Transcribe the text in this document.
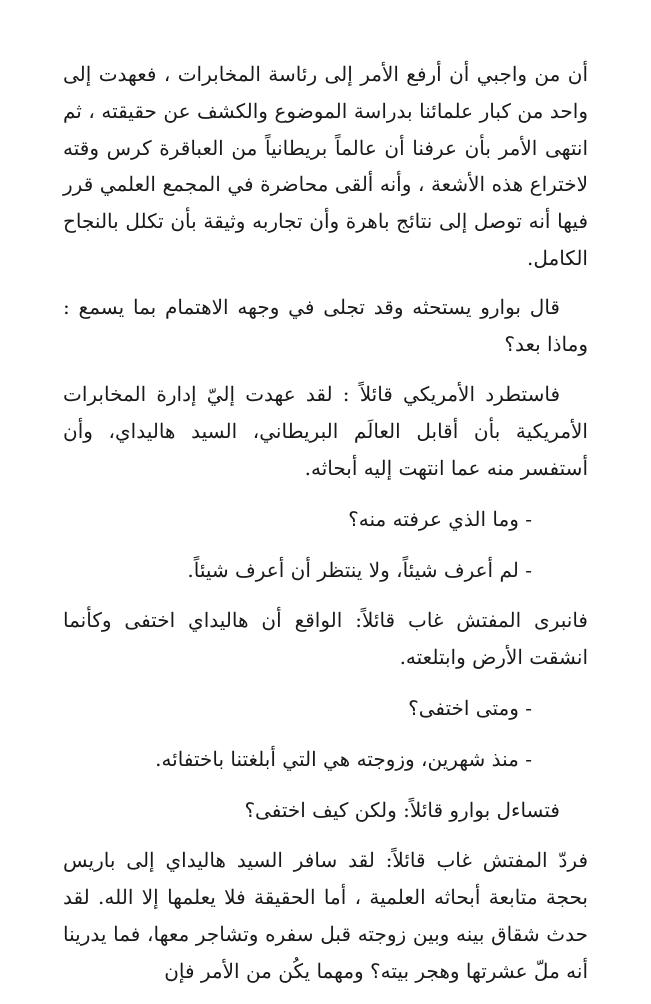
أن من واجبي أن أرفع الأمر إلى رئاسة المخابرات ، فعهدت إلى واحد من كبار علمائنا بدراسة الموضوع والكشف عن حقيقته ، ثم انتهى الأمر بأن عرفنا أن عالماً بريطانياً من العباقرة كرس وقته لاختراع هذه الأشعة ، وأنه ألقى محاضرة في المجمع العلمي قرر فيها أنه توصل إلى نتائج باهرة وأن تجاربه وثيقة بأن تكلل بالنجاح الكامل.

قال بوارو يستحثه وقد تجلى في وجهه الاهتمام بما يسمع : وماذا بعد؟

فاستطرد الأمريكي قائلاً : لقد عهدت إليّ إدارة المخابرات الأمريكية بأن أقابل العالَم البريطاني، السيد هاليداي، وأن أستفسر منه عما انتهت إليه أبحاثه.

- وما الذي عرفته منه؟

- لم أعرف شيئاً، ولا ينتظر أن أعرف شيئاً.

فانبرى المفتش غاب قائلاً: الواقع أن هاليداي اختفى وكأنما انشقت الأرض وابتلعته.

- ومتى اختفى؟

- منذ شهرين، وزوجته هي التي أبلغتنا باختفائه.

فتساءل بوارو قائلاً: ولكن كيف اختفى؟

فردّ المفتش غاب قائلاً: لقد سافر السيد هاليداي إلى باريس بحجة متابعة أبحاثه العلمية ، أما الحقيقة فلا يعلمها إلا الله. لقد حدث شقاق بينه وبين زوجته قبل سفره وتشاجر معها، فما يدرينا أنه ملّ عشرتها وهجر بيته؟ ومهما يكُن من الأمر فإن
